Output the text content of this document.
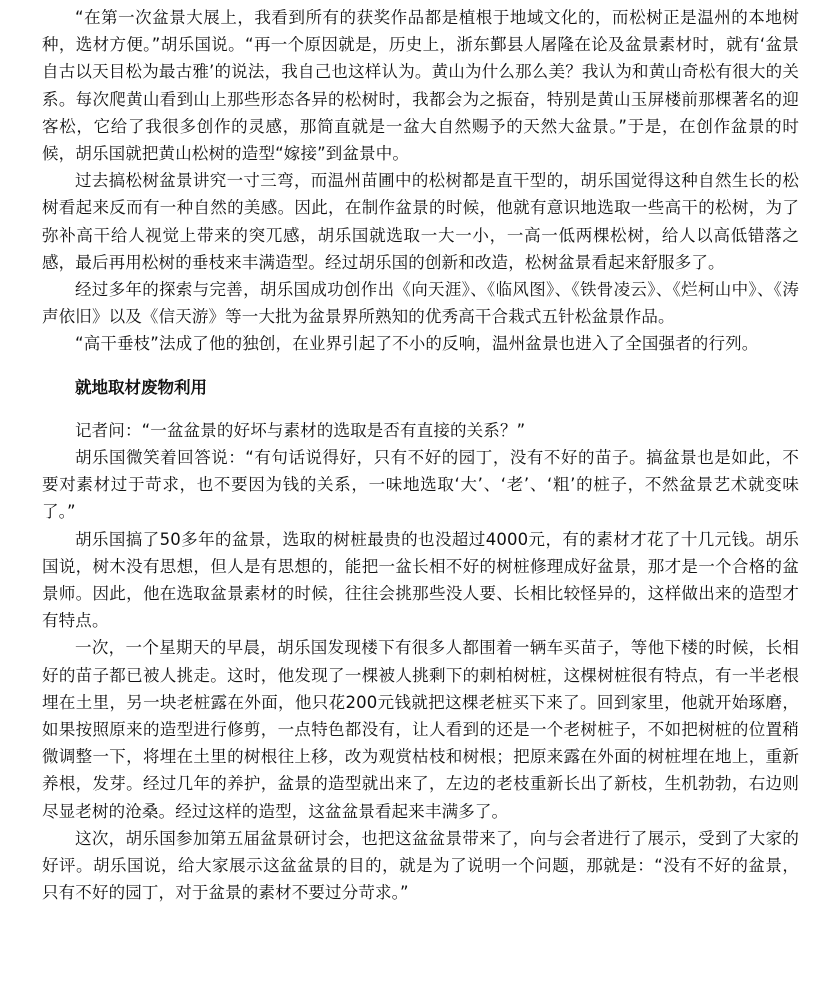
“在第一次盆景大展上，我看到所有的获奖作品都是植根于地域文化的，而松树正是温州的本地树种，选材方便。”胡乐国说。“再一个原因就是，历史上，浙东鄞县人屠隆在论及盆景素材时，就有‘盆景自古以天目松为最古雅’的说法，我自己也这样认为。黄山为什么那么美？我认为和黄山奇松有很大的关系。每次爬黄山看到山上那些形态各异的松树时，我都会为之振奋，特别是黄山玉屏楼前那棵著名的迎客松，它给了我很多创作的灵感，那简直就是一盆大自然赐予的天然大盆景。”于是，在创作盆景的时候，胡乐国就把黄山松树的造型“嫁接”到盆景中。

过去搞松树盆景讲究一寸三弯，而温州苗圃中的松树都是直干型的，胡乐国觉得这种自然生长的松树看起来反而有一种自然的美感。因此，在制作盆景的时候，他就有意识地选取一些高干的松树，为了弥补高干给人视觉上带来的突兀感，胡乐国就选取一大一小，一高一低两棵松树，给人以高低错落之感，最后再用松树的垂枝来丰满造型。经过胡乐国的创新和改造，松树盆景看起来舒服多了。

经过多年的探索与完善，胡乐国成功创作出《向天涯》、《临风图》、《铁骨凌云》、《烂柯山中》、《涛声依旧》以及《信天游》等一大批为盆景界所熟知的优秀高干合栽式五针松盆景作品。

“高干垂枝”法成了他的独创，在业界引起了不小的反响，温州盆景也进入了全国强者的行列。

就地取材废物利用

记者问：“一盆盆景的好坏与素材的选取是否有直接的关系？”

胡乐国微笑着回答说：“有句话说得好，只有不好的园丁，没有不好的苗子。搞盆景也是如此，不要对素材过于苛求，也不要因为钱的关系，一味地选取‘大’、‘老’、‘粗’的桩子，不然盆景艺术就变味了。”

胡乐国搞了50多年的盆景，选取的树桩最贵的也没超过4000元，有的素材才花了十几元钱。胡乐国说，树木没有思想，但人是有思想的，能把一盆长相不好的树桩修理成好盆景，那才是一个合格的盆景师。因此，他在选取盆景素材的时候，往往会挑那些没人要、长相比较怪异的，这样做出来的造型才有特点。

一次，一个星期天的早晨，胡乐国发现楼下有很多人都围着一辆车买苗子，等他下楼的时候，长相好的苗子都已被人挑走。这时，他发现了一棵被人挑剩下的刺柏树桩，这棵树桩很有特点，有一半老根埋在土里，另一块老桩露在外面，他只花200元钱就把这棵老桩买下来了。回到家里，他就开始琢磨，如果按照原来的造型进行修剪，一点特色都没有，让人看到的还是一个老树桩子，不如把树桩的位置稍微调整一下，将埋在土里的树根往上移，改为观赏枯枝和树根；把原来露在外面的树桩埋在地上，重新养根，发芽。经过几年的养护，盆景的造型就出来了，左边的老枝重新长出了新枝，生机勃勃，右边则尽显老树的沧桑。经过这样的造型，这盆盆景看起来丰满多了。

这次，胡乐国参加第五届盆景研讨会，也把这盆盆景带来了，向与会者进行了展示，受到了大家的好评。胡乐国说，给大家展示这盆盆景的目的，就是为了说明一个问题，那就是：“没有不好的盆景，只有不好的园丁，对于盆景的素材不要过分苛求。”
